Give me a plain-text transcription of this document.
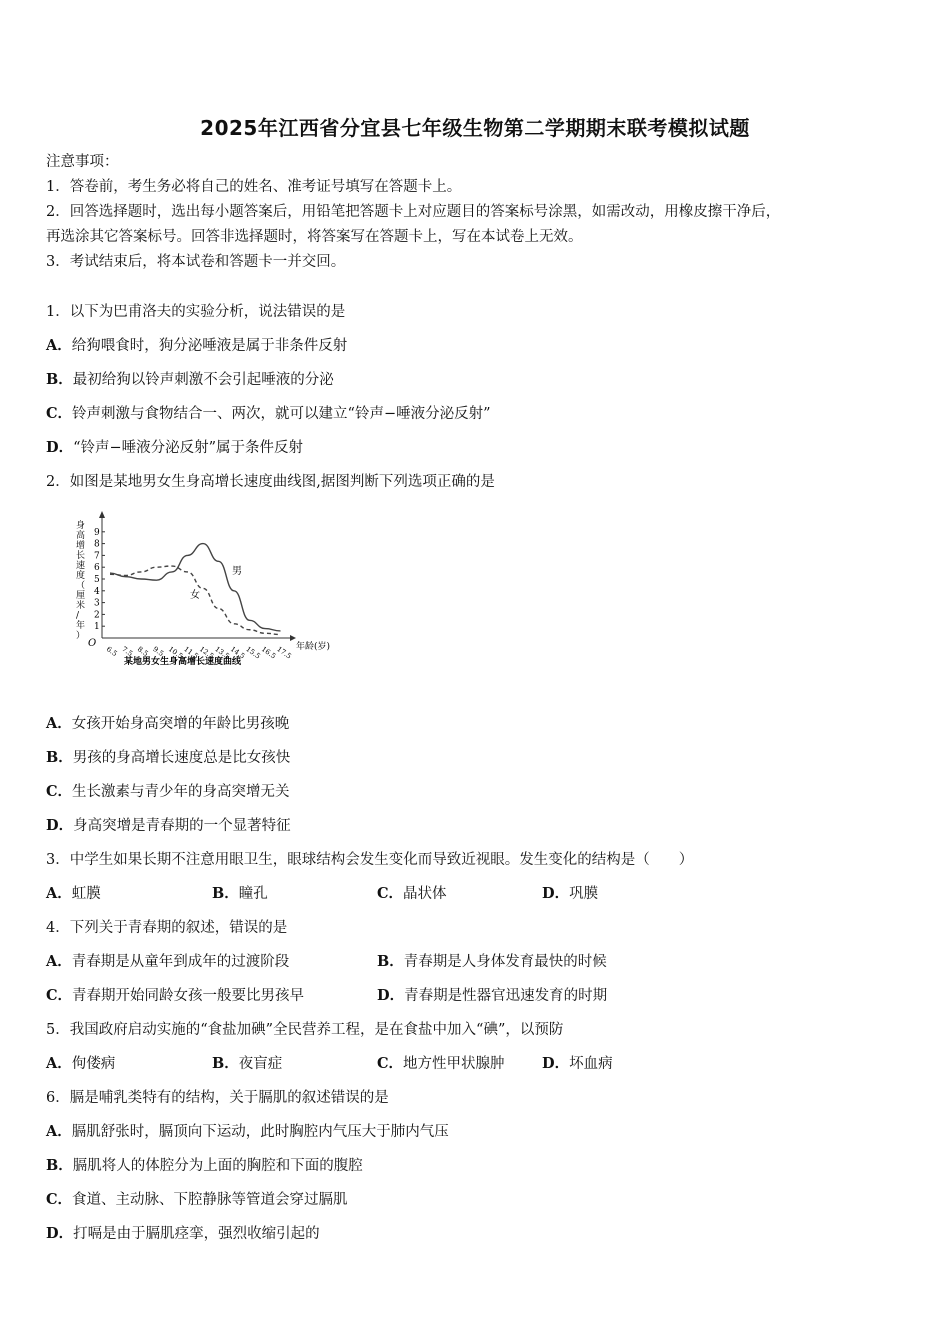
2025年江西省分宜县七年级生物第二学期期末联考模拟试题
注意事项：
1．答卷前，考生务必将自己的姓名、准考证号填写在答题卡上。
2．回答选择题时，选出每小题答案后，用铅笔把答题卡上对应题目的答案标号涂黑，如需改动，用橡皮擦干净后，
再选涂其它答案标号。回答非选择题时，将答案写在答题卡上，写在本试卷上无效。
3．考试结束后，将本试卷和答题卡一并交回。
1．以下为巴甫洛夫的实验分析，说法错误的是
A．给狗喂食时，狗分泌唾液是属于非条件反射
B．最初给狗以铃声刺激不会引起唾液的分泌
C．铃声刺激与食物结合一、两次，就可以建立“铃声−唾液分泌反射”
D．“铃声−唾液分泌反射”属于条件反射
2．如图是某地男女生身高增长速度曲线图,据图判断下列选项正确的是
O	年龄(岁)
某地男女生身高增长速度曲线
身
高
增
长
速
度
（
厘
米
/
年
）
1
2
3
4
5
6
7
8
9
6.5 7.5 8.5 9.5 10.5
11.5
12.5
13.5
14.5
15.5
16.5
17.5
男
女
A．女孩开始身高突增的年龄比男孩晚
B．男孩的身高增长速度总是比女孩快
C．生长激素与青少年的身高突增无关
D．身高突增是青春期的一个显著特征
3．中学生如果长期不注意用眼卫生，眼球结构会发生变化而导致近视眼。发生变化的结构是（　　）
A．虹膜	B．瞳孔	C．晶状体	D．巩膜
4．下列关于青春期的叙述，错误的是
A．青春期是从童年到成年的过渡阶段	B．青春期是人身体发育最快的时候
C．青春期开始同龄女孩一般要比男孩早	D．青春期是性器官迅速发育的时期
5．我国政府启动实施的“食盐加碘”全民营养工程，是在食盐中加入“碘”，以预防
A．佝偻病	B．夜盲症	C．地方性甲状腺肿	D．坏血病
6．膈是哺乳类特有的结构，关于膈肌的叙述错误的是
A．膈肌舒张时，膈顶向下运动，此时胸腔内气压大于肺内气压
B．膈肌将人的体腔分为上面的胸腔和下面的腹腔
C．食道、主动脉、下腔静脉等管道会穿过膈肌
D．打嗝是由于膈肌痉挛，强烈收缩引起的
